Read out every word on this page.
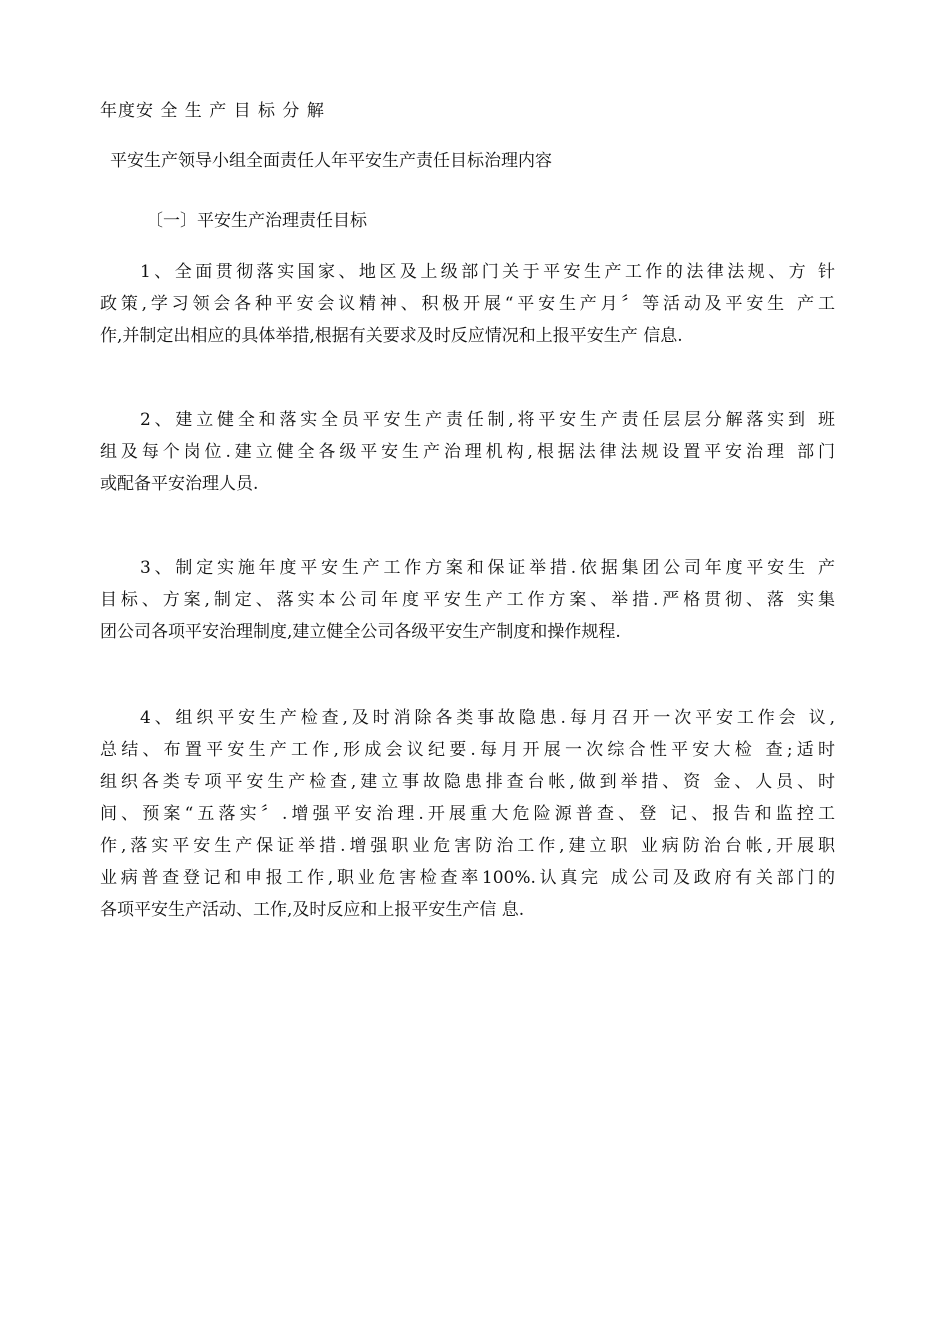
年度安 全 生 产 目 标 分 解
平安生产领导小组全面责任人年平安生产责任目标治理内容
〔一〕平安生产治理责任目标
1、全面贯彻落实国家、地区及上级部门关于平安生产工作的法律法规、方 针
政策,学习领会各种平安会议精神、积极开展“平安生产月〞等活动及平安生 产工
作,并制定出相应的具体举措,根据有关要求及时反应情况和上报平安生产 信息.
2、建立健全和落实全员平安生产责任制,将平安生产责任层层分解落实到 班
组及每个岗位.建立健全各级平安生产治理机构,根据法律法规设置平安治理 部门
或配备平安治理人员.
3、制定实施年度平安生产工作方案和保证举措.依据集团公司年度平安生 产
目标、方案,制定、落实本公司年度平安生产工作方案、举措.严格贯彻、落 实集
团公司各项平安治理制度,建立健全公司各级平安生产制度和操作规程.
4、组织平安生产检查,及时消除各类事故隐患.每月召开一次平安工作会 议,
总结、布置平安生产工作,形成会议纪要.每月开展一次综合性平安大检 查;适时
组织各类专项平安生产检查,建立事故隐患排查台帐,做到举措、资 金、人员、时
间、预案“五落实〞.增强平安治理.开展重大危险源普查、登 记、报告和监控工
作,落实平安生产保证举措.增强职业危害防治工作,建立职 业病防治台帐,开展职
业病普查登记和申报工作,职业危害检查率100%.认真完 成公司及政府有关部门的
各项平安生产活动、工作,及时反应和上报平安生产信 息.
